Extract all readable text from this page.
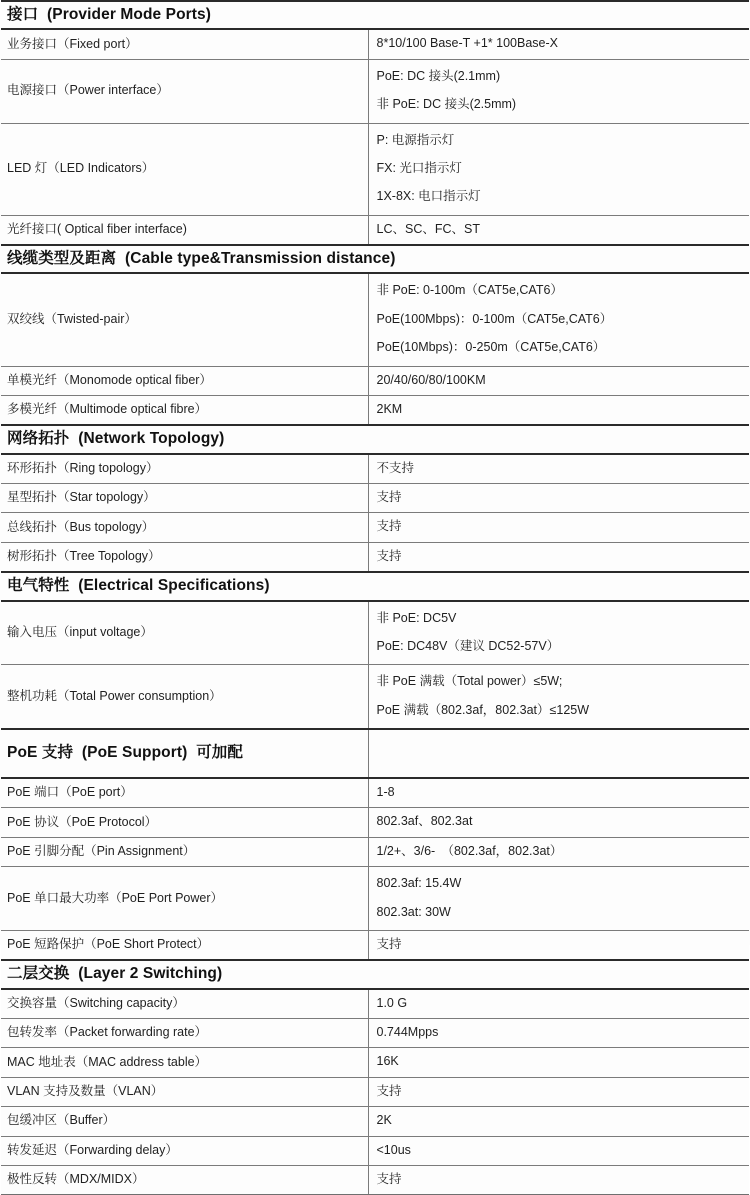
接口 (Provider Mode Ports)	

业务接口（Fixed port）	8*10/100 Base-T +1* 100Base-X

电源接口（Power interface）	PoE: DC 接头(2.1mm)
非 PoE: DC 接头(2.5mm)

LED 灯（LED Indicators）	P: 电源指示灯
FX: 光口指示灯
1X-8X: 电口指示灯

光纤接口( Optical fiber interface)	LC、SC、FC、ST

线缆类型及距离 (Cable type&Transmission distance)	

双绞线（Twisted-pair）	非 PoE: 0-100m（CAT5e,CAT6）
PoE(100Mbps)：0-100m（CAT5e,CAT6）
PoE(10Mbps)：0-250m（CAT5e,CAT6）

单模光纤（Monomode optical fiber）	20/40/60/80/100KM

多模光纤（Multimode optical fibre）	2KM

网络拓扑 (Network Topology)	

环形拓扑（Ring topology）	不支持

星型拓扑（Star topology）	支持

总线拓扑（Bus topology）	支持

树形拓扑（Tree Topology）	支持

电气特性 (Electrical Specifications)	

输入电压（input voltage）	非 PoE: DC5V
PoE: DC48V（建议 DC52-57V）

整机功耗（Total Power consumption）	非 PoE 满载（Total power）≤5W;
PoE 满载（802.3af，802.3at）≤125W

PoE 支持 (PoE Support) 可加配	

PoE 端口（PoE port）	1-8

PoE 协议（PoE Protocol）	802.3af、802.3at

PoE 引脚分配（Pin Assignment）	1/2+、3/6-　（802.3af，802.3at）

PoE 单口最大功率（PoE Port Power）	802.3af: 15.4W
802.3at: 30W

PoE 短路保护（PoE Short Protect）	支持

二层交换 (Layer 2 Switching)	

交换容量（Switching capacity）	1.0 G

包转发率（Packet forwarding rate）	0.744Mpps

MAC 地址表（MAC address table）	16K

VLAN 支持及数量（VLAN）	支持

包缓冲区（Buffer）	2K

转发延迟（Forwarding delay）	<10us

极性反转（MDX/MIDX）	支持
